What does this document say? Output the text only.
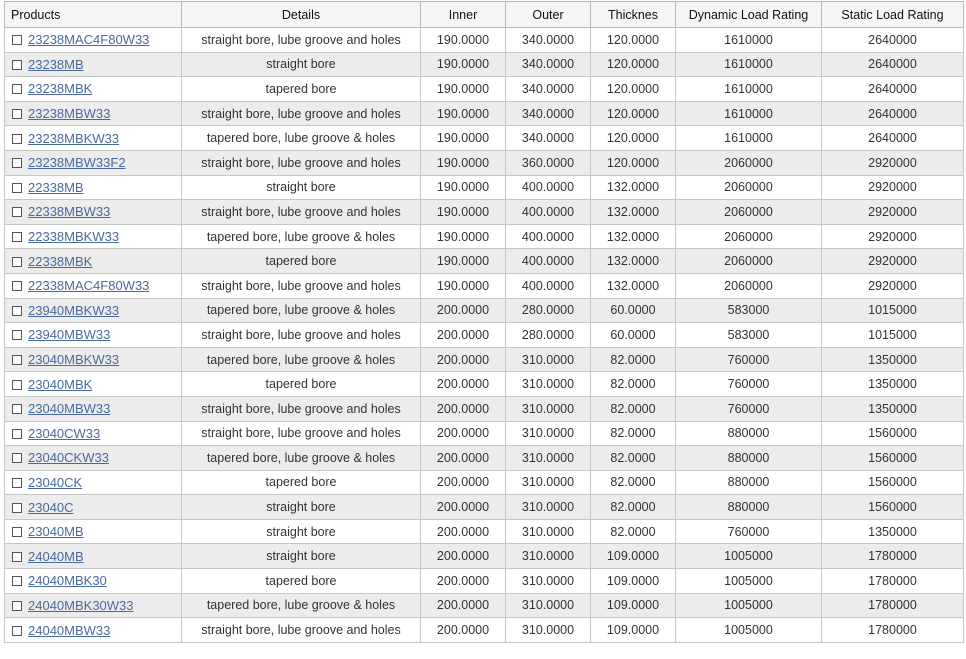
Products	Details	Inner	Outer	Thicknes	Dynamic Load Rating	Static Load Rating
23238MAC4F80W33	straight bore, lube groove and holes	190.0000	340.0000	120.0000	1610000	2640000
23238MB	straight bore	190.0000	340.0000	120.0000	1610000	2640000
23238MBK	tapered bore	190.0000	340.0000	120.0000	1610000	2640000
23238MBW33	straight bore, lube groove and holes	190.0000	340.0000	120.0000	1610000	2640000
23238MBKW33	tapered bore, lube groove & holes	190.0000	340.0000	120.0000	1610000	2640000
23238MBW33F2	straight bore, lube groove and holes	190.0000	360.0000	120.0000	2060000	2920000
22338MB	straight bore	190.0000	400.0000	132.0000	2060000	2920000
22338MBW33	straight bore, lube groove and holes	190.0000	400.0000	132.0000	2060000	2920000
22338MBKW33	tapered bore, lube groove & holes	190.0000	400.0000	132.0000	2060000	2920000
22338MBK	tapered bore	190.0000	400.0000	132.0000	2060000	2920000
22338MAC4F80W33	straight bore, lube groove and holes	190.0000	400.0000	132.0000	2060000	2920000
23940MBKW33	tapered bore, lube groove & holes	200.0000	280.0000	60.0000	583000	1015000
23940MBW33	straight bore, lube groove and holes	200.0000	280.0000	60.0000	583000	1015000
23040MBKW33	tapered bore, lube groove & holes	200.0000	310.0000	82.0000	760000	1350000
23040MBK	tapered bore	200.0000	310.0000	82.0000	760000	1350000
23040MBW33	straight bore, lube groove and holes	200.0000	310.0000	82.0000	760000	1350000
23040CW33	straight bore, lube groove and holes	200.0000	310.0000	82.0000	880000	1560000
23040CKW33	tapered bore, lube groove & holes	200.0000	310.0000	82.0000	880000	1560000
23040CK	tapered bore	200.0000	310.0000	82.0000	880000	1560000
23040C	straight bore	200.0000	310.0000	82.0000	880000	1560000
23040MB	straight bore	200.0000	310.0000	82.0000	760000	1350000
24040MB	straight bore	200.0000	310.0000	109.0000	1005000	1780000
24040MBK30	tapered bore	200.0000	310.0000	109.0000	1005000	1780000
24040MBK30W33	tapered bore, lube groove & holes	200.0000	310.0000	109.0000	1005000	1780000
24040MBW33	straight bore, lube groove and holes	200.0000	310.0000	109.0000	1005000	1780000
